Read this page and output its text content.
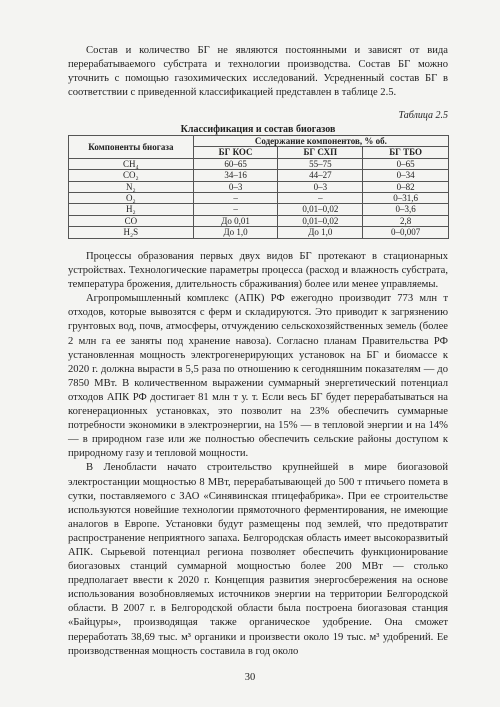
Состав и количество БГ не являются постоянными и зависят от вида перерабатываемого субстрата и технологии производства. Состав БГ можно уточнить с помощью газохимических исследований. Усредненный состав БГ в соответствии с приведенной классификацией представлен в таблице 2.5.

Таблица 2.5
Классификация и состав биогазов
Компоненты биогаза	Содержание компонентов, % об.		
	БГ КОС	БГ СХП	БГ ТБО
CH₄	60–65	55–75	0–65
CO₂	34–16	44–27	0–34
N₂	0–3	0–3	0–82
O₂	–	–	0–31,6
H₂	–	0,01–0,02	0–3,6
CO	До 0,01	0,01–0,02	2,8
H₂S	До 1,0	До 1,0	0–0,007

Процессы образования первых двух видов БГ протекают в стационарных устройствах. Технологические параметры процесса (расход и влажность субстрата, температура брожения, длительность сбраживания) более или менее управляемы.

Агропромышленный комплекс (АПК) РФ ежегодно производит 773 млн т отходов, которые вывозятся с ферм и складируются. Это приводит к загрязнению грунтовых вод, почв, атмосферы, отчуждению сельскохозяйственных земель (более 2 млн га ее заняты под хранение навоза). Согласно планам Правительства РФ установленная мощность электрогенерирующих установок на БГ и биомассе к 2020 г. должна вырасти в 5,5 раза по отношению к сегодняшним показателям — до 7850 МВт. В количественном выражении суммарный энергетический потенциал отходов АПК РФ достигает 81 млн т у. т. Если весь БГ будет перерабатываться на когенерационных установках, это позволит на 23% обеспечить суммарные потребности экономики в электроэнергии, на 15% — в тепловой энергии и на 14% — в природном газе или же полностью обеспечить сельские районы доступом к природному газу и тепловой мощности.

В Ленобласти начато строительство крупнейшей в мире биогазовой электростанции мощностью 8 МВт, перерабатывающей до 500 т птичьего помета в сутки, поставляемого с ЗАО «Синявинская птицефабрика». При ее строительстве используются новейшие технологии прямоточного ферментирования, не имеющие аналогов в Европе. Установки будут размещены под землей, что предотвратит распространение неприятного запаха. Белгородская область имеет высокоразвитый АПК. Сырьевой потенциал региона позволяет обеспечить функционирование биогазовых станций суммарной мощностью более 200 МВт — столько предполагает ввести к 2020 г. Концепция развития энергосбережения на основе использования возобновляемых источников энергии на территории Белгородской области. В 2007 г. в Белгородской области была построена биогазовая станция «Байцуры», производящая также органическое удобрение. Она сможет переработать 38,69 тыс. м³ органики и произвести около 19 тыс. м³ удобрений. Ее производственная мощность составила в год около

30
